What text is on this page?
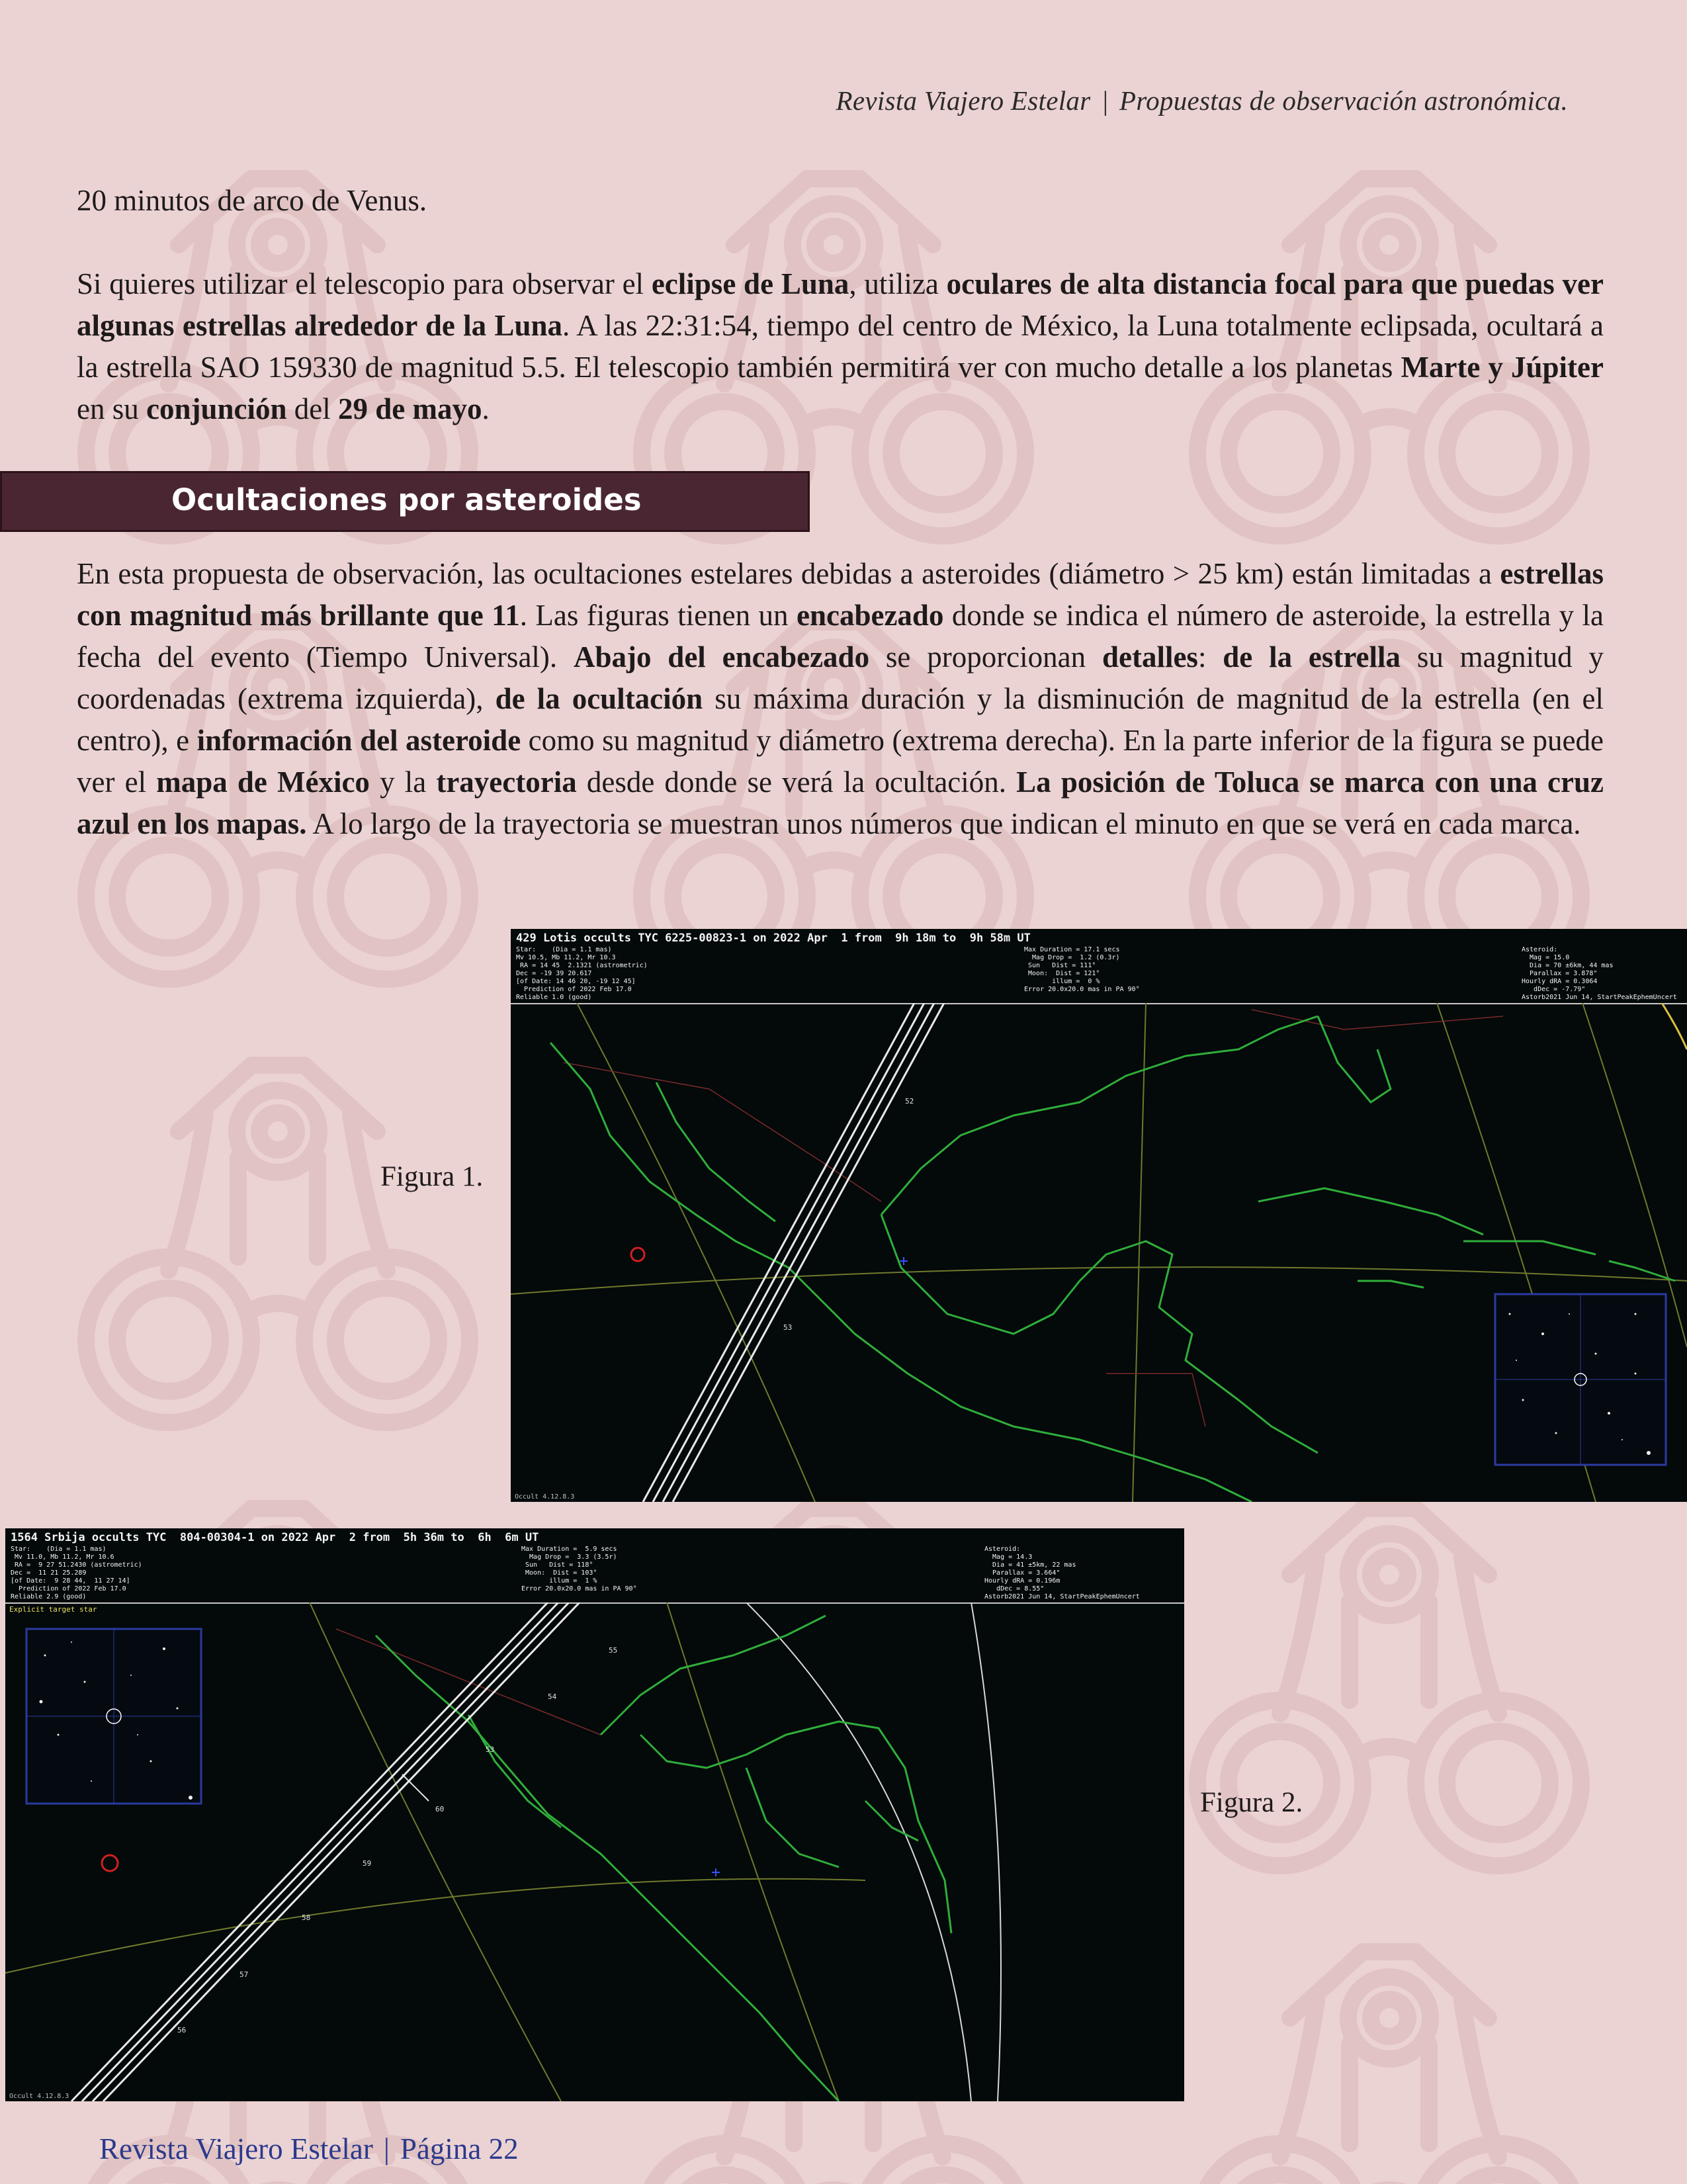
Revista Viajero Estelar | Propuestas de observación astronómica.

20 minutos de arco de Venus.

Si quieres utilizar el telescopio para observar el eclipse de Luna, utiliza oculares de alta distancia focal para que puedas ver algunas estrellas alrededor de la Luna. A las 22:31:54, tiempo del centro de México, la Luna totalmente eclipsada, ocultará a la estrella SAO 159330 de magnitud 5.5. El telescopio también permitirá ver con mucho detalle a los planetas Marte y Júpiter en su conjunción del 29 de mayo.

Ocultaciones por asteroides

En esta propuesta de observación, las ocultaciones estelares debidas a asteroides (diámetro > 25 km) están limitadas a estrellas con magnitud más brillante que 11. Las figuras tienen un encabezado donde se indica el número de asteroide, la estrella y la fecha del evento (Tiempo Universal). Abajo del encabezado se proporcionan detalles: de la estrella su magnitud y coordenadas (extrema izquierda), de la ocultación su máxima duración y la disminución de magnitud de la estrella (en el centro), e información del asteroide como su magnitud y diámetro (extrema derecha). En la parte inferior de la figura se puede ver el mapa de México y la trayectoria desde donde se verá la ocultación. La posición de Toluca se marca con una cruz azul en los mapas. A lo largo de la trayectoria se muestran unos números que indican el minuto en que se verá en cada marca.

429 Lotis occults TYC 6225-00823-1 on 2022 Apr  1 from  9h 18m to  9h 58m UT
Star:    (Dia = 1.1 mas)
Mv 10.5, Mb 11.2, Mr 10.3
RA = 14 45  2.1321 (astrometric)
Dec = -19 39 20.617
[of Date: 14 46 20, -19 12 45]
Prediction of 2022 Feb 17.0
Reliable 1.0 (good)
Max Duration = 17.1 secs
Mag Drop =  1.2 (0.3r)
Sun   Dist = 111°
Moon:  Dist = 121°
illum =  0 %
Error 20.0x20.0 mas in PA 90°
Asteroid:
Mag = 15.0
Dia = 70 ±6km, 44 mas
Parallax = 3.878"
Hourly dRA = 0.3064
dDec = -7.79"
Astorb2021 Jun 14, StartPeakEphemUncert
52
53
Occult 4.12.8.3
Figura 1.
1564 Srbija occults TYC  804-00304-1 on 2022 Apr  2 from  5h 36m to  6h  6m UT
Star:    (Dia = 1.1 mas)
Mv 11.0, Mb 11.2, Mr 10.6
RA =  9 27 51.2430 (astrometric)
Dec =  11 21 25.289
[of Date:  9 28 44,  11 27 14]
Prediction of 2022 Feb 17.0
Reliable 2.9 (good)
Max Duration =  5.9 secs
Mag Drop =  3.3 (3.5r)
Sun   Dist = 118°
Moon:  Dist = 103°
illum =  1 %
Error 20.0x20.0 mas in PA 90°
Asteroid:
Mag = 14.3
Dia = 41 ±5km, 22 mas
Parallax = 3.664"
Hourly dRA = 0.196m
dDec = 8.55"
Astorb2021 Jun 14, StartPeakEphemUncert
Explicit target star
55
54
53
60
59
58
57
56
Occult 4.12.8.3
Figura 2.
Revista Viajero Estelar | Página 22
